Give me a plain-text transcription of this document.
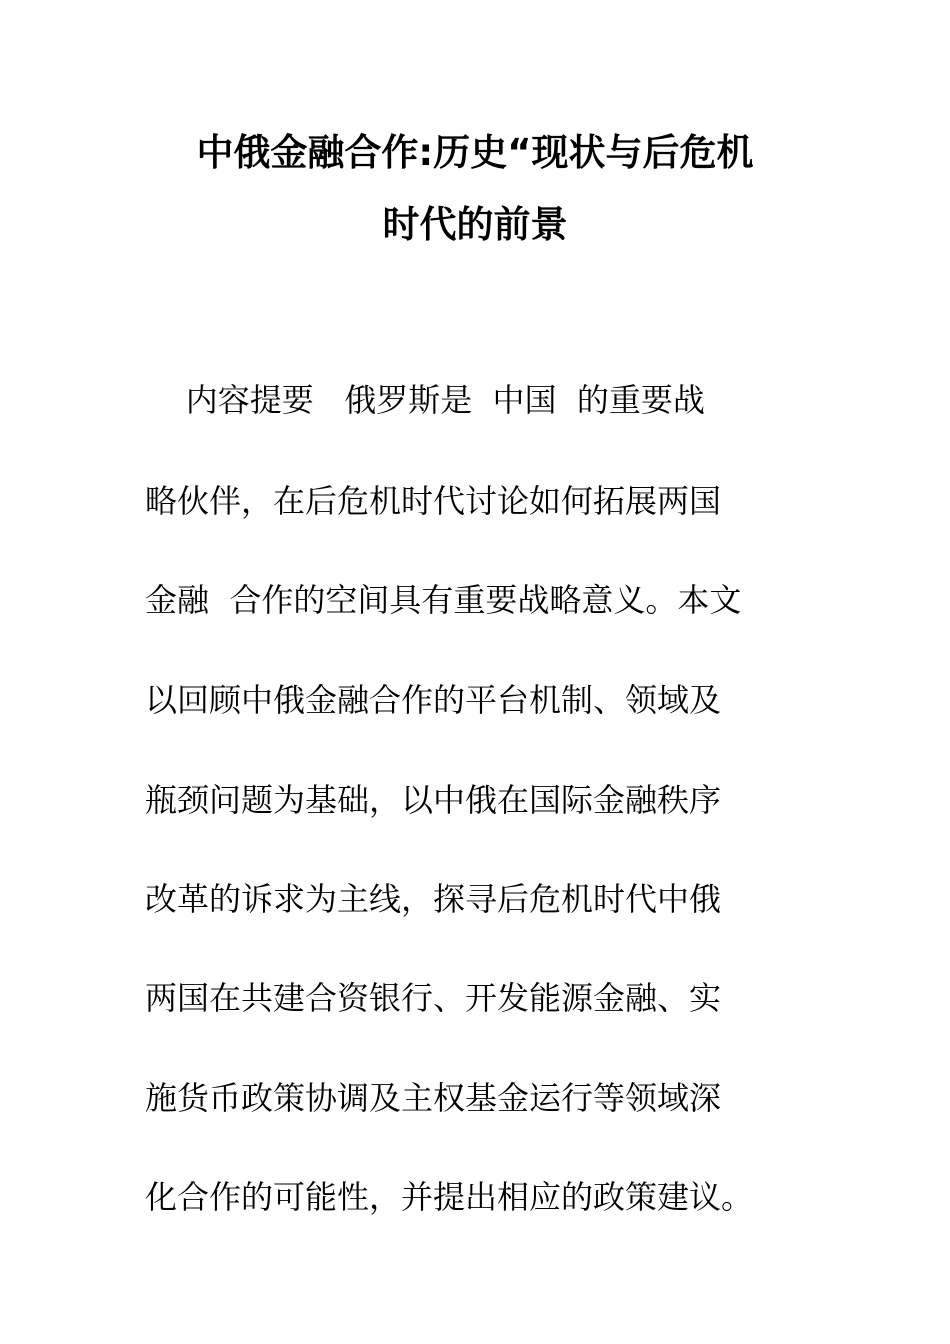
中俄金融合作:历史“现状与后危机
时代的前景

内容提要   俄罗斯是  中国  的重要战

略伙伴，在后危机时代讨论如何拓展两国

金融  合作的空间具有重要战略意义。本文

以回顾中俄金融合作的平台机制、领域及

瓶颈问题为基础，以中俄在国际金融秩序

改革的诉求为主线，探寻后危机时代中俄

两国在共建合资银行、开发能源金融、实

施货币政策协调及主权基金运行等领域深

化合作的可能性，并提出相应的政策建议。
